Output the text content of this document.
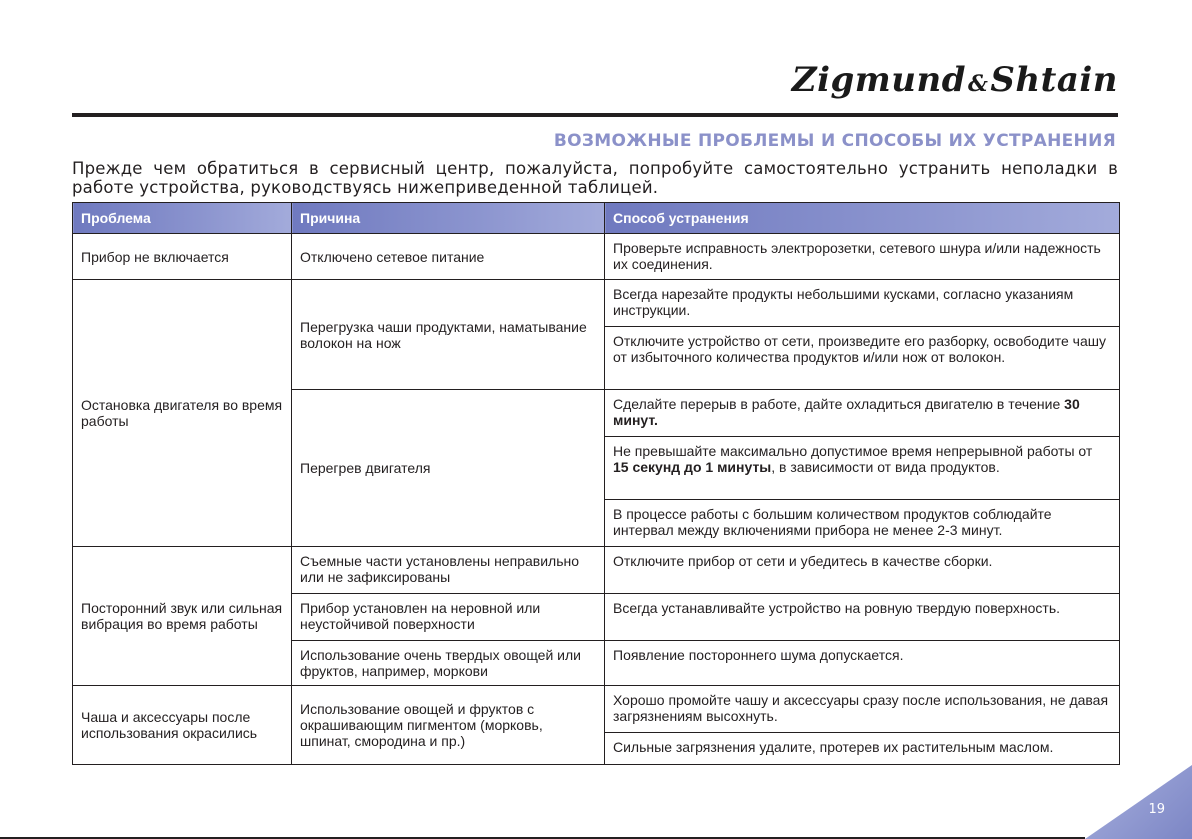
Zigmund&Shtain
ВОЗМОЖНЫЕ ПРОБЛЕМЫ И СПОСОБЫ ИХ УСТРАНЕНИЯ

Прежде чем обратиться в сервисный центр, пожалуйста, попробуйте самостоятельно устранить неполадки в работе устройства, руководствуясь нижеприведенной таблицей.

Проблема	Причина	Способ устранения
Прибор не включается	Отключено сетевое питание	Проверьте исправность электророзетки, сетевого шнура и/или надежность их соединения.
Остановка двигателя во время работы	Перегрузка чаши продуктами, наматывание волокон на нож	Всегда нарезайте продукты небольшими кусками, согласно указаниям инструкции.
		Отключите устройство от сети, произведите его разборку, освободите чашу от избыточного количества продуктов и/или нож от волокон.
	Перегрев двигателя	Сделайте перерыв в работе, дайте охладиться двигателю в течение 30 минут.
		Не превышайте максимально допустимое время непрерывной работы от 15 секунд до 1 минуты, в зависимости от вида продуктов.
		В процессе работы с большим количеством продуктов соблюдайте интервал между включениями прибора не менее 2-3 минут.
Посторонний звук или сильная вибрация во время работы	Съемные части установлены неправильно или не зафиксированы	Отключите прибор от сети и убедитесь в качестве сборки.
	Прибор установлен на неровной или неустойчивой поверхности	Всегда устанавливайте устройство на ровную твердую поверхность.
	Использование очень твердых овощей или фруктов, например, моркови	Появление постороннего шума допускается.
Чаша и аксессуары после использования окрасились	Использование овощей и фруктов с окрашивающим пигментом (морковь, шпинат, смородина и пр.)	Хорошо промойте чашу и аксессуары сразу после использования, не давая загрязнениям высохнуть.
		Сильные загрязнения удалите, протерев их растительным маслом.
19
